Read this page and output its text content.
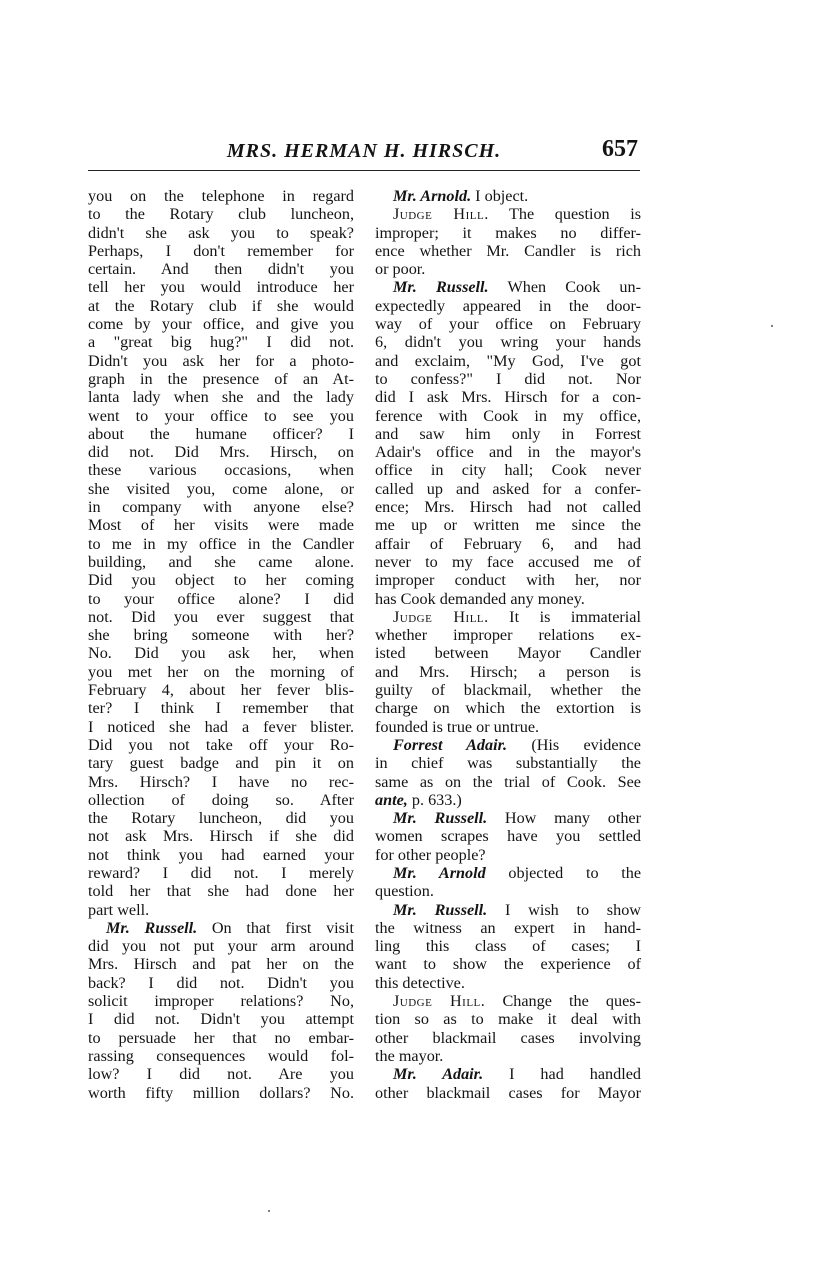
MRS. HERMAN H. HIRSCH.	657
you on the telephone in regard
to the Rotary club luncheon,
didn't she ask you to speak?
Perhaps, I don't remember for
certain. And then didn't you
tell her you would introduce her
at the Rotary club if she would
come by your office, and give you
a "great big hug?" I did not.
Didn't you ask her for a photo-
graph in the presence of an At-
lanta lady when she and the lady
went to your office to see you
about the humane officer? I
did not. Did Mrs. Hirsch, on
these various occasions, when
she visited you, come alone, or
in company with anyone else?
Most of her visits were made
to me in my office in the Candler
building, and she came alone.
Did you object to her coming
to your office alone? I did
not. Did you ever suggest that
she bring someone with her?
No. Did you ask her, when
you met her on the morning of
February 4, about her fever blis-
ter? I think I remember that
I noticed she had a fever blister.
Did you not take off your Ro-
tary guest badge and pin it on
Mrs. Hirsch? I have no rec-
ollection of doing so. After
the Rotary luncheon, did you
not ask Mrs. Hirsch if she did
not think you had earned your
reward? I did not. I merely
told her that she had done her
part well.
Mr. Russell. On that first visit
did you not put your arm around
Mrs. Hirsch and pat her on the
back? I did not. Didn't you
solicit improper relations? No,
I did not. Didn't you attempt
to persuade her that no embar-
rassing consequences would fol-
low? I did not. Are you
worth fifty million dollars? No.
Mr. Arnold. I object.
Judge Hill. The question is
improper; it makes no differ-
ence whether Mr. Candler is rich
or poor.
Mr. Russell. When Cook un-
expectedly appeared in the door-
way of your office on February
6, didn't you wring your hands
and exclaim, "My God, I've got
to confess?" I did not. Nor
did I ask Mrs. Hirsch for a con-
ference with Cook in my office,
and saw him only in Forrest
Adair's office and in the mayor's
office in city hall; Cook never
called up and asked for a confer-
ence; Mrs. Hirsch had not called
me up or written me since the
affair of February 6, and had
never to my face accused me of
improper conduct with her, nor
has Cook demanded any money.
Judge Hill. It is immaterial
whether improper relations ex-
isted between Mayor Candler
and Mrs. Hirsch; a person is
guilty of blackmail, whether the
charge on which the extortion is
founded is true or untrue.
Forrest Adair. (His evidence
in chief was substantially the
same as on the trial of Cook. See
ante, p. 633.)
Mr. Russell. How many other
women scrapes have you settled
for other people?
Mr. Arnold objected to the
question.
Mr. Russell. I wish to show
the witness an expert in hand-
ling this class of cases; I
want to show the experience of
this detective.
Judge Hill. Change the ques-
tion so as to make it deal with
other blackmail cases involving
the mayor.
Mr. Adair. I had handled
other blackmail cases for Mayor
